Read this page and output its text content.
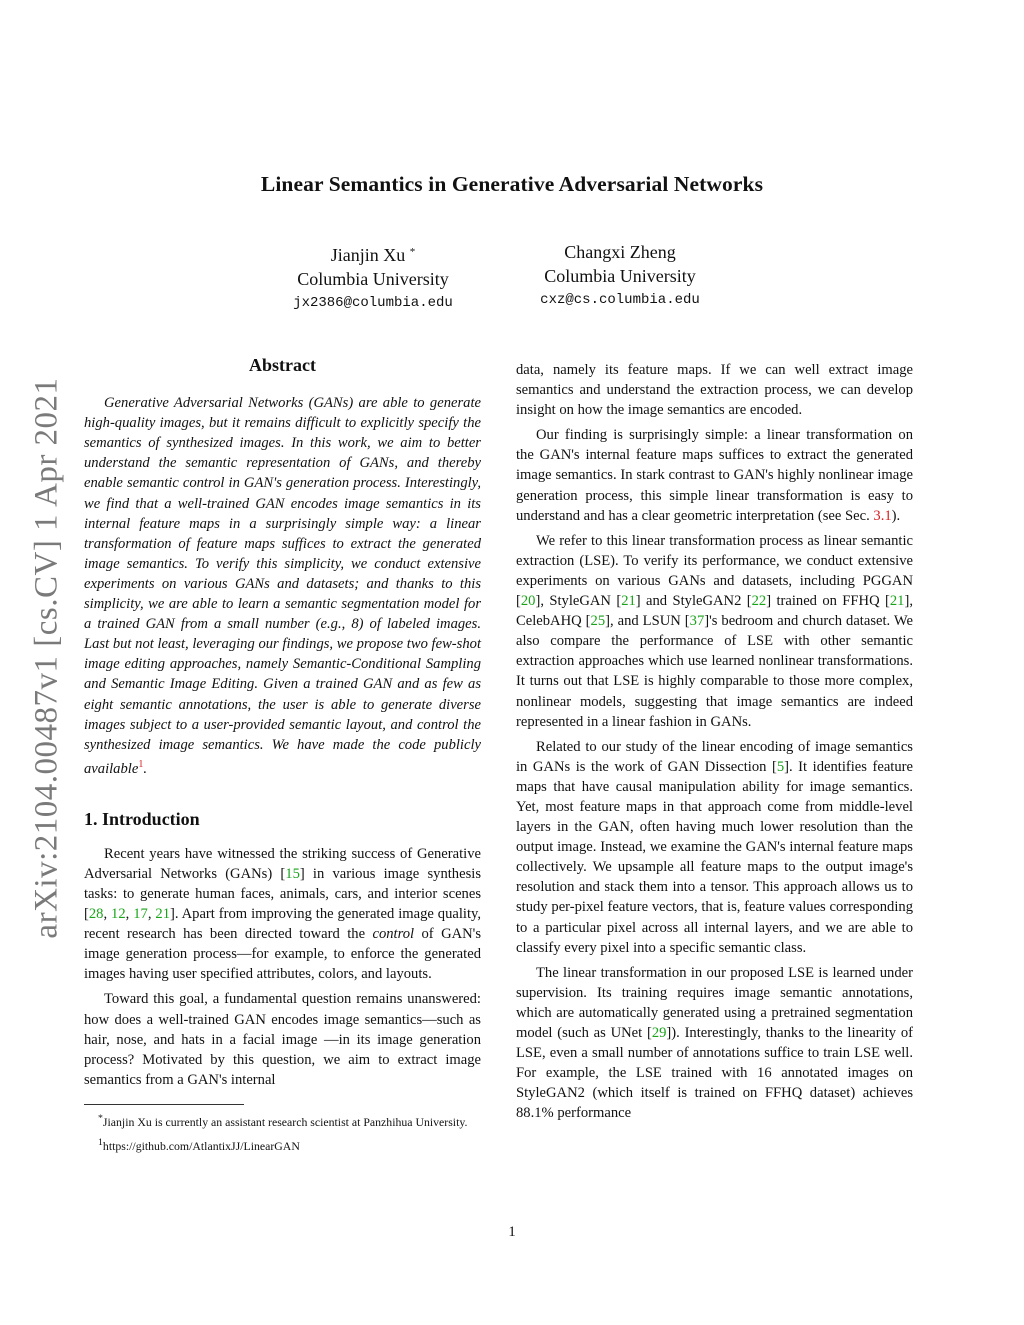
Linear Semantics in Generative Adversarial Networks
Jianjin Xu *
Columbia University
jx2386@columbia.edu
Changxi Zheng
Columbia University
cxz@cs.columbia.edu
arXiv:2104.00487v1 [cs.CV] 1 Apr 2021
Abstract

Generative Adversarial Networks (GANs) are able to generate high-quality images, but it remains difficult to explicitly specify the semantics of synthesized images. In this work, we aim to better understand the semantic representation of GANs, and thereby enable semantic control in GAN's generation process. Interestingly, we find that a well-trained GAN encodes image semantics in its internal feature maps in a surprisingly simple way: a linear transformation of feature maps suffices to extract the generated image semantics. To verify this simplicity, we conduct extensive experiments on various GANs and datasets; and thanks to this simplicity, we are able to learn a semantic segmentation model for a trained GAN from a small number (e.g., 8) of labeled images. Last but not least, leveraging our findings, we propose two few-shot image editing approaches, namely Semantic-Conditional Sampling and Semantic Image Editing. Given a trained GAN and as few as eight semantic annotations, the user is able to generate diverse images subject to a user-provided semantic layout, and control the synthesized image semantics. We have made the code publicly available$^1$.

1. Introduction

Recent years have witnessed the striking success of Generative Adversarial Networks (GANs) [15] in various image synthesis tasks: to generate human faces, animals, cars, and interior scenes [28, 12, 17, 21]. Apart from improving the generated image quality, recent research has been directed toward the control of GAN's image generation process—for example, to enforce the generated images having user specified attributes, colors, and layouts.

Toward this goal, a fundamental question remains unanswered: how does a well-trained GAN encodes image semantics—such as hair, nose, and hats in a facial image —in its image generation process? Motivated by this question, we aim to extract image semantics from a GAN's internal

*Jianjin Xu is currently an assistant research scientist at Panzhihua University.

$^1$https://github.com/AtlantixJJ/LinearGAN

data, namely its feature maps. If we can well extract image semantics and understand the extraction process, we can develop insight on how the image semantics are encoded.

Our finding is surprisingly simple: a linear transformation on the GAN's internal feature maps suffices to extract the generated image semantics. In stark contrast to GAN's highly nonlinear image generation process, this simple linear transformation is easy to understand and has a clear geometric interpretation (see Sec. 3.1).

We refer to this linear transformation process as linear semantic extraction (LSE). To verify its performance, we conduct extensive experiments on various GANs and datasets, including PGGAN [20], StyleGAN [21] and StyleGAN2 [22] trained on FFHQ [21], CelebAHQ [25], and LSUN [37]'s bedroom and church dataset. We also compare the performance of LSE with other semantic extraction approaches which use learned nonlinear transformations. It turns out that LSE is highly comparable to those more complex, nonlinear models, suggesting that image semantics are indeed represented in a linear fashion in GANs.

Related to our study of the linear encoding of image semantics in GANs is the work of GAN Dissection [5]. It identifies feature maps that have causal manipulation ability for image semantics. Yet, most feature maps in that approach come from middle-level layers in the GAN, often having much lower resolution than the output image. Instead, we examine the GAN's internal feature maps collectively. We upsample all feature maps to the output image's resolution and stack them into a tensor. This approach allows us to study per-pixel feature vectors, that is, feature values corresponding to a particular pixel across all internal layers, and we are able to classify every pixel into a specific semantic class.

The linear transformation in our proposed LSE is learned under supervision. Its training requires image semantic annotations, which are automatically generated using a pretrained segmentation model (such as UNet [29]). Interestingly, thanks to the linearity of LSE, even a small number of annotations suffice to train LSE well. For example, the LSE trained with 16 annotated images on StyleGAN2 (which itself is trained on FFHQ dataset) achieves 88.1% performance

1
